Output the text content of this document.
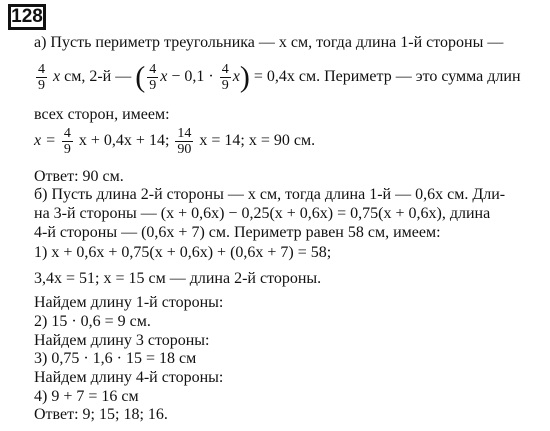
128
а) Пусть периметр треугольника — x см, тогда длина 1-й стороны —
$\frac{4}{9}$ x см, 2-й — ( $\frac{4}{9}$ $x - 0,1 \cdot \frac{4}{9} x) = 0,4x$ см. Периметр — это сумма длин
всех сторон, имеем:
$x = \frac{4}{9}$ x + 0,4x + 14; $\frac{14}{90}$ x = 14; x = 90 см.
Ответ: 90 см.
б) Пусть длина 2-й стороны — x см, тогда длина 1-й — 0,6x см. Дли-
на 3-й стороны — (x + 0,6x) − 0,25(x + 0,6x) = 0,75(x + 0,6x), длина
4-й стороны — (0,6x + 7) см. Периметр равен 58 см, имеем:
1) x + 0,6x + 0,75(x + 0,6x) + (0,6x + 7) = 58;
3,4x = 51; x = 15 см — длина 2-й стороны.
Найдем длину 1-й стороны:
2) 15 · 0,6 = 9 см.
Найдем длину 3 стороны:
3) 0,75 · 1,6 · 15 = 18 см
Найдем длину 4-й стороны:
4) 9 + 7 = 16 см
Ответ: 9; 15; 18; 16.
